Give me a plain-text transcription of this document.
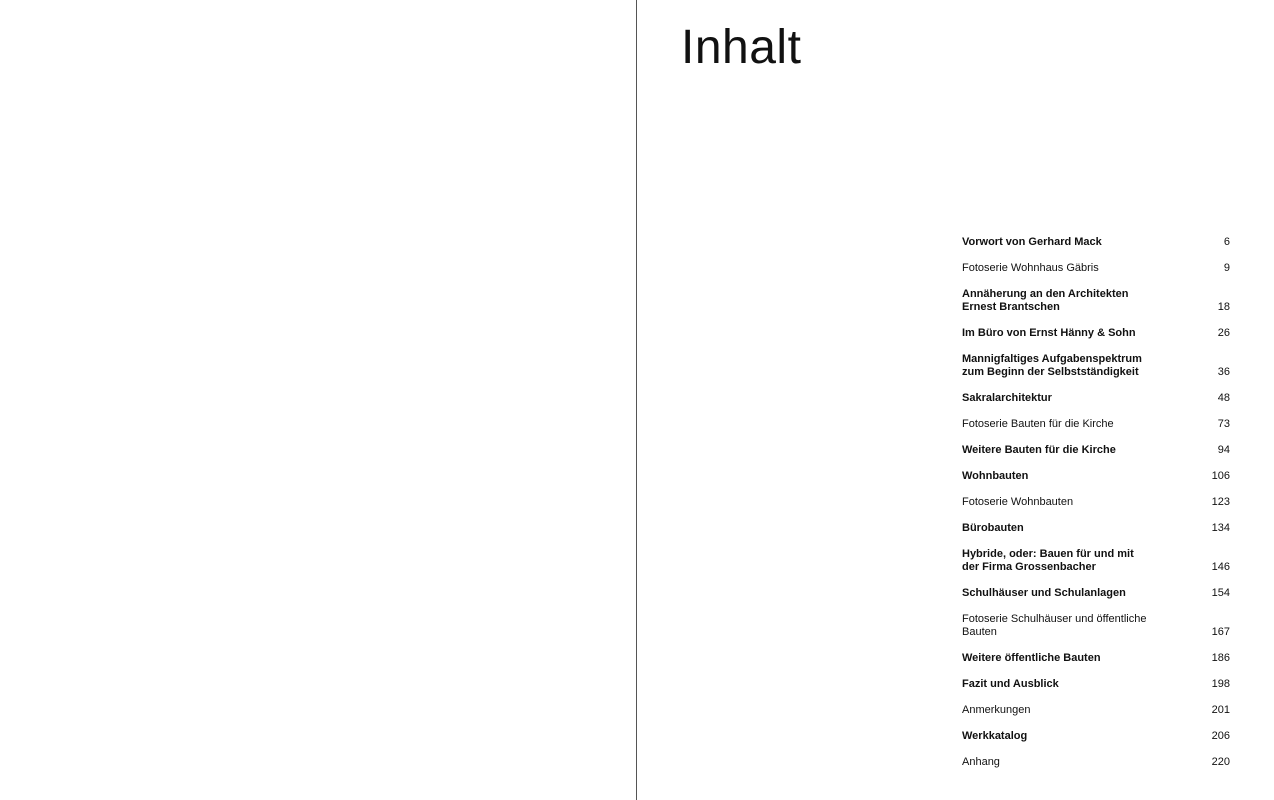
Inhalt
Vorwort von Gerhard Mack	6
Fotoserie Wohnhaus Gäbris	9
Annäherung an den Architekten
Ernest Brantschen	18
Im Büro von Ernst Hänny & Sohn	26
Mannigfaltiges Aufgabenspektrum
zum Beginn der Selbstständigkeit	36
Sakralarchitektur	48
Fotoserie Bauten für die Kirche	73
Weitere Bauten für die Kirche	94
Wohnbauten	106
Fotoserie Wohnbauten	123
Bürobauten	134
Hybride, oder: Bauen für und mit
der Firma Grossenbacher	146
Schulhäuser und Schulanlagen	154
Fotoserie Schulhäuser und öffentliche Bauten	167
Weitere öffentliche Bauten	186
Fazit und Ausblick	198
Anmerkungen	201
Werkkatalog	206
Anhang	220
